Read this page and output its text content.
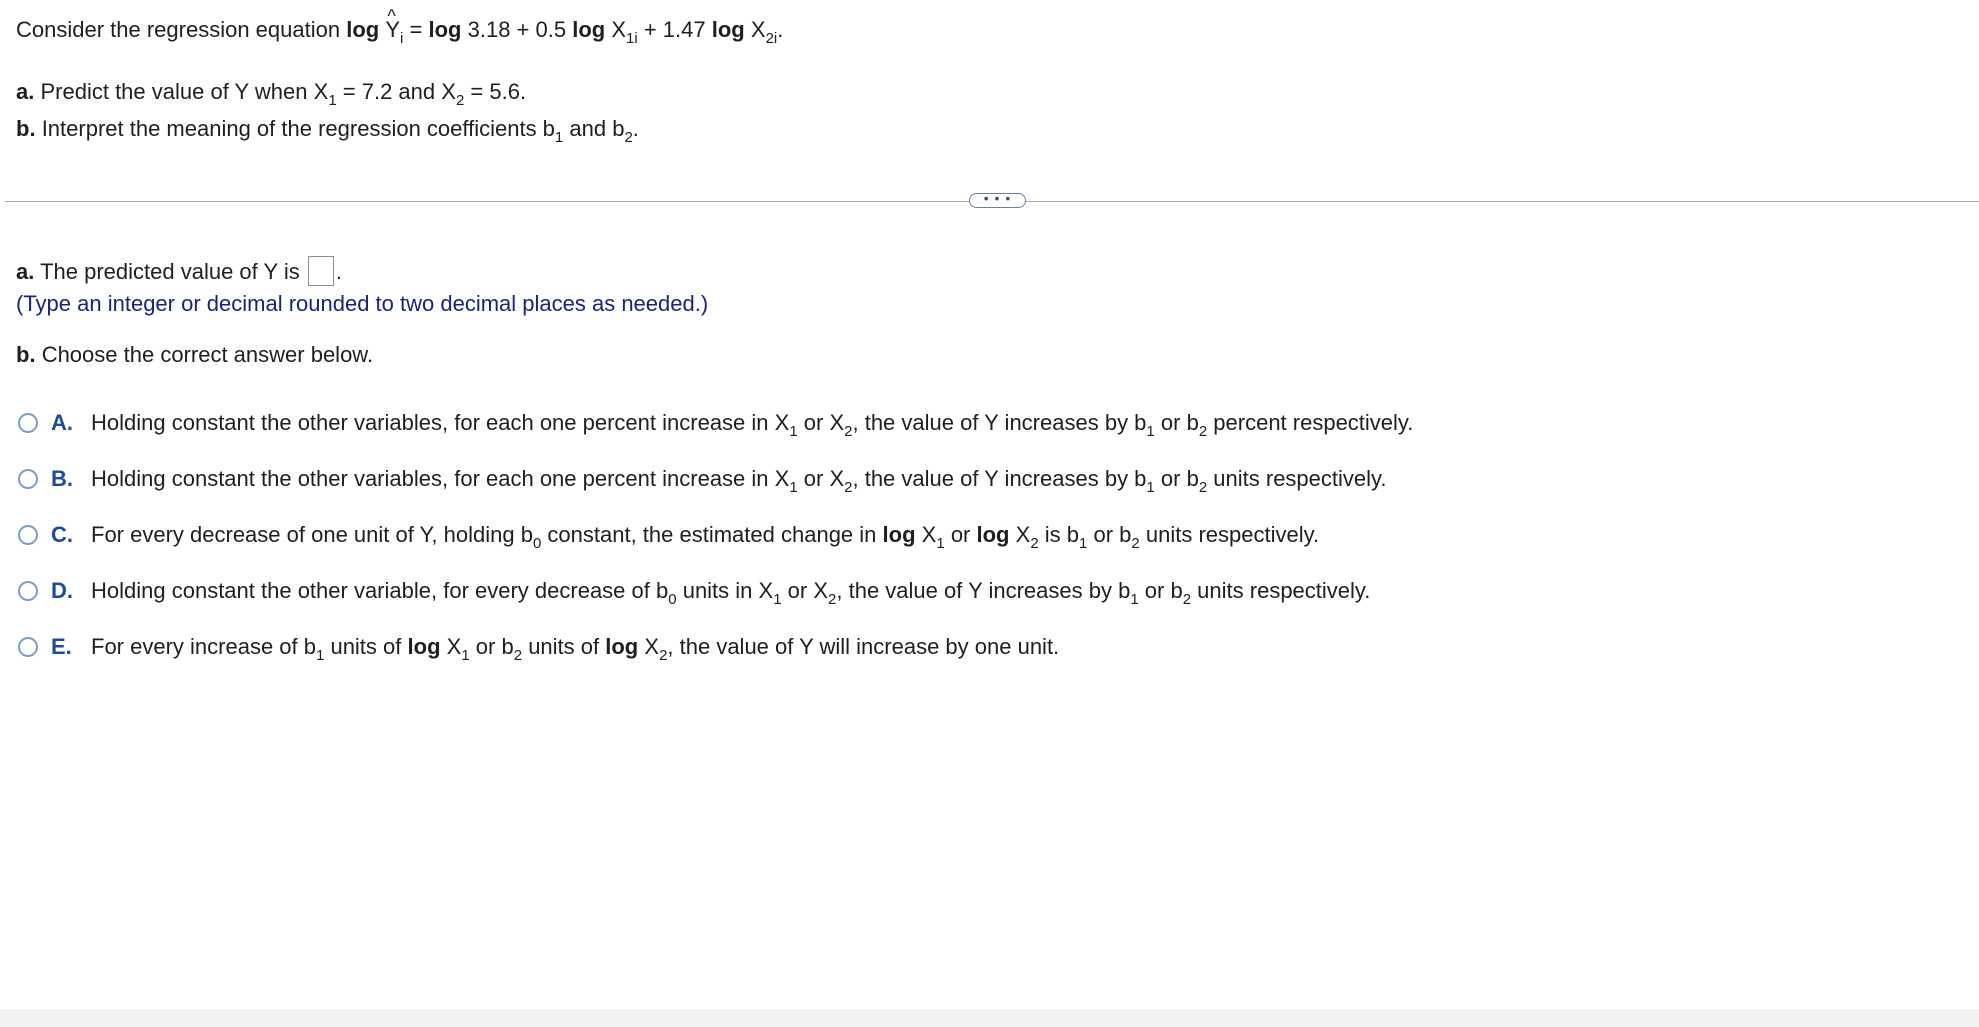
Consider the regression equation log ^ $Y_i = \log 3.18 + 0.5$ $\log X_{1i} + 1.47$ $\log X_{2i}$.
a. Predict the value of Y when $X_1 = 7.2$ and $X_2 = 5.6$.
b. Interpret the meaning of the regression coefficients $b_1$ and $b_2$.
• • •
a. The predicted value of Y is .
(Type an integer or decimal rounded to two decimal places as needed.)
b. Choose the correct answer below.
A. Holding constant the other variables, for each one percent increase in $X_1$ or $X_2$, the value of Y increases by $b_1$ or $b_2$ percent respectively.
B. Holding constant the other variables, for each one percent increase in $X_1$ or $X_2$, the value of Y increases by $b_1$ or $b_2$ units respectively.
C. For every decrease of one unit of Y, holding $b_0$ constant, the estimated change in $\log X_1$ or $\log X_2$ is $b_1$ or $b_2$ units respectively.
D. Holding constant the other variable, for every decrease of $b_0$ units in $X_1$ or $X_2$, the value of Y increases by $b_1$ or $b_2$ units respectively.
E. For every increase of $b_1$ units of $\log X_1$ or $b_2$ units of $\log X_2$, the value of Y will increase by one unit.
